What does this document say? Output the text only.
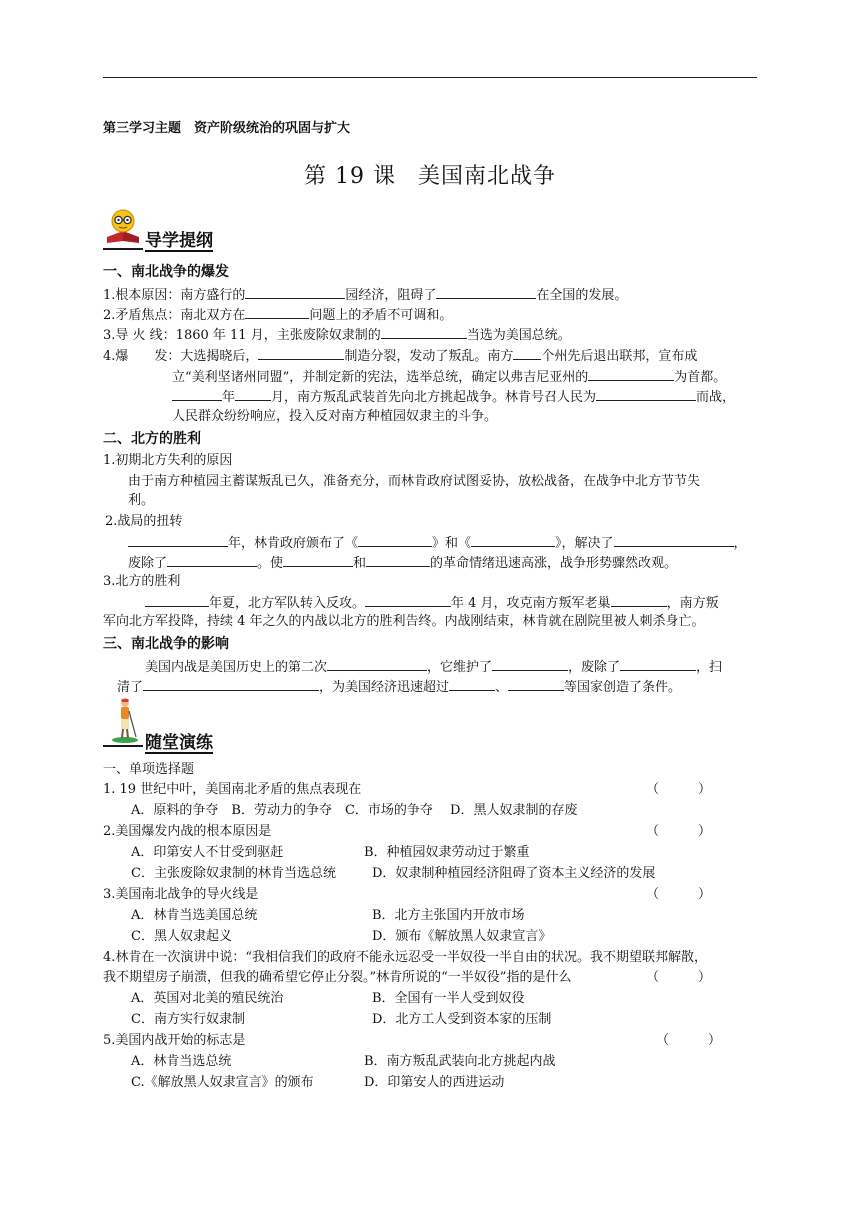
第三学习主题　资产阶级统治的巩固与扩大
第 19 课 美国南北战争
导学提纲
一、南北战争的爆发
1.根本原因：南方盛行的	园经济，阻碍了	在全国的发展。
2.矛盾焦点：南北双方在	问题上的矛盾不可调和。
3.导 火 线：1860 年 11 月，主张废除奴隶制的	当选为美国总统。
4.爆　　发：大选揭晓后，	制造分裂，发动了叛乱。南方 个州先后退出联邦，宣布成
立“美利坚诸州同盟”，并制定新的宪法，选举总统，确定以弗吉尼亚州的	为首都。
年	月，南方叛乱武装首先向北方挑起战争。林肯号召人民为	而战，
人民群众纷纷响应，投入反对南方种植园奴隶主的斗争。
二、北方的胜利
1.初期北方失利的原因
由于南方种植园主蓄谋叛乱已久，准备充分，而林肯政府试图妥协，放松战备，在战争中北方节节失
利。
2.战局的扭转
年，林肯政府颁布了《	》和《	》，解决了	，
废除了	。使	和	的革命情绪迅速高涨，战争形势骤然改观。
3.北方的胜利
年夏，北方军队转入反攻。	年 4 月，攻克南方叛军老巢	，南方叛
军向北方军投降，持续 4 年之久的内战以北方的胜利告终。内战刚结束，林肯就在剧院里被人刺杀身亡。
三、南北战争的影响
美国内战是美国历史上的第二次	，它维护了	，废除了	，扫
清了	，为美国经济迅速超过	、	等国家创造了条件。
随堂演练
一、单项选择题
1. 19 世纪中叶，美国南北矛盾的焦点表现在	（　　　）
A．原料的争夺　B．劳动力的争夺　C．市场的争夺　 D．黑人奴隶制的存废
2.美国爆发内战的根本原因是	（　　　）
A．印第安人不甘受到驱赶	B．种植园奴隶劳动过于繁重
C．主张废除奴隶制的林肯当选总统	D．奴隶制种植园经济阻碍了资本主义经济的发展
3.美国南北战争的导火线是	（　　　）
A．林肯当选美国总统	B．北方主张国内开放市场
C．黑人奴隶起义	D．颁布《解放黑人奴隶宣言》
4.林肯在一次演讲中说：“我相信我们的政府不能永远忍受一半奴役一半自由的状况。我不期望联邦解散，
我不期望房子崩溃，但我的确希望它停止分裂。”林肯所说的“一半奴役”指的是什么	（　　　）
A．英国对北美的殖民统治	B．全国有一半人受到奴役
C．南方实行奴隶制	D．北方工人受到资本家的压制
5.美国内战开始的标志是	（　　　）
A．林肯当选总统	B．南方叛乱武装向北方挑起内战
C.《解放黑人奴隶宣言》的颁布	D．印第安人的西进运动
